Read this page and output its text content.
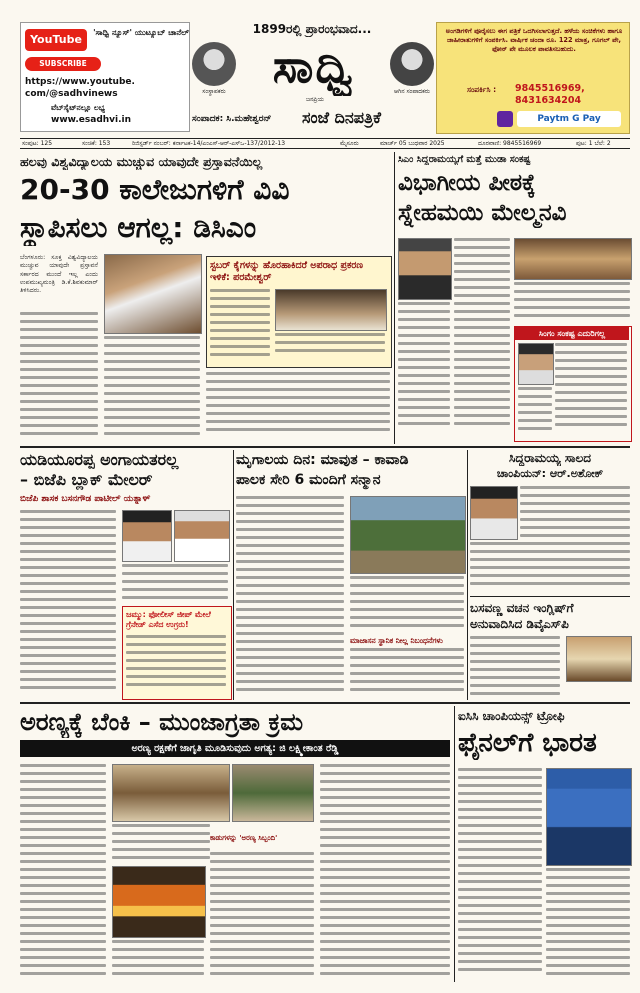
YouTube
'ಸಾಧ್ವಿ ನ್ಯೂಸ್' ಯುಟ್ಯೂಬ್ ಚಾನೆಲ್
SUBSCRIBE
https://www.youtube.
com/@sadhvinews
ವೆಬ್‌ಸೈಟ್‌ನಲ್ಲೂ ಲಭ್ಯ
www.esadhvi.in
1899ರಲ್ಲಿ ಪ್ರಾರಂಭವಾದ...
ಸಂಸ್ಥಾಪಕರು	ಆಗಿನ ಸಂಪಾದಕರು
ಸಾಧ್ವಿ
ಜನಪ್ರಿಯ
ಸಂಪಾದಕ: ಸಿ.ಮಹೇಶ್ವರನ್	ಸಂಜೆ ದಿನಪತ್ರಿಕೆ
ಅಂಗಡಿಗಳಿಗೆ ಪೂರೈಸಲು ಈಗ ಪತ್ರಿಕೆ ಒದಗಿಸಲಾಗುತ್ತದೆ. ಹಳೆಯ ಸಂಚಿಕೆಗಳು ಹಾಗೂ ಜಾಹೀರಾತುಗಳಿಗೆ ಸಂಪರ್ಕಿಸಿ. ವಾರ್ಷಿಕ ಚಂದಾ ರೂ. 122 ಮಾತ್ರ, ಗೂಗಲ್ ಪೇ, ಫೋನ್ ಪೇ ಮೂಲಕ ಪಾವತಿಸಬಹುದು.
ಸಂಪರ್ಕಿಸಿ : 9845516969,
8431634204
Paytm G Pay
ಸಂಪುಟ: 125	ಸಂಚಿಕೆ: 153	ರಿಜಿಸ್ಟರ್ಡ್ ನಂಬರ್: ಕರ್ನಾಟಕ-14/ಎಂಎಸ್-ಆರ್-ಎಸ್‌ಒ-137/2012-13	ಮೈಸೂರು	ಮಾರ್ಚ್ 05 ಬುಧವಾರ 2025	ದೂರವಾಣಿ: 9845516969	ಪುಟ: 1 ಬೆಲೆ: 2
ಹಲವು ವಿಶ್ವವಿದ್ಯಾಲಯ ಮುಚ್ಚುವ ಯಾವುದೇ ಪ್ರಸ್ತಾವನೆಯಿಲ್ಲ
20-30 ಕಾಲೇಜುಗಳಿಗೆ ವಿವಿ
ಸ್ಥಾಪಿಸಲು ಆಗಲ್ಲ: ಡಿಸಿಎಂ
ಬೆಂಗಳೂರು: ಸೂಕ್ತ ವಿಶ್ವವಿದ್ಯಾಲಯ ಮುಚ್ಚುವ ಯಾವುದೇ ಪ್ರಸ್ತಾವನೆ ಸರ್ಕಾರದ ಮುಂದೆ ಇಲ್ಲ ಎಂದು ಉಪಮುಖ್ಯಮಂತ್ರಿ ಡಿ.ಕೆ.ಶಿವಕುಮಾರ್ ತಿಳಿಸಿದರು.
ಸ್ಟಬರ್ ಕೈಗಳನ್ನು ಹೊರಹಾಕಿದರೆ ಅಪರಾಧ ಪ್ರಕರಣ ಇಳಿಕೆ: ಪರಮೇಶ್ವರ್
ಸಿಎಂ ಸಿದ್ದರಾಮಯ್ಯಗೆ ಮತ್ತೆ ಮುಡಾ ಸಂಕಷ್ಟ
ವಿಭಾಗೀಯ ಪೀಠಕ್ಕೆ
ಸ್ನೇಹಮಯಿ ಮೇಲ್ಮನವಿ
ಸಿಂಗಂ ಸಂಕಷ್ಟ ಎದುರಿಗಲ್ಲ
ಯಡಿಯೂರಪ್ಪ ಅಂಗಾಯತರಲ್ಲ
– ಬಿಜೆಪಿ ಬ್ಲಾಕ್ ಮೇಲರ್
ಬಿಜೆಪಿ ಶಾಸಕ ಬಸನಗೌಡ ಪಾಟೀಲ್ ಯತ್ನಾಳ್
ಜಮ್ಮು: ಫೋಲೀಸ್ ಜೀಪ್ ಮೇಲೆ ಗ್ರೆನೇಡ್ ಎಸೆದ ಉಗ್ರರು!
ಮೃಗಾಲಯ ದಿನ: ಮಾವುತ – ಕಾವಾಡಿ
ಪಾಲಕ ಸೇರಿ 6 ಮಂದಿಗೆ ಸನ್ಮಾನ
ಮಾಜಾಸನ ಸ್ಥಾನಿಕ ನೀಲ್ಲ ನಿಬಂಧನೆಗಳು
ಸಿದ್ದರಾಮಯ್ಯ ಸಾಲದ
ಚಾಂಪಿಯನ್: ಆರ್.ಅಶೋಕ್
ಬಸವಣ್ಣ ವಚನ ಇಂಗ್ಲಿಷ್‌ಗೆ
ಅನುವಾದಿಸಿದ ಡಿವೈಎಸ್‌ಪಿ
ಅರಣ್ಯಕ್ಕೆ ಬೆಂಕಿ – ಮುಂಜಾಗ್ರತಾ ಕ್ರಮ
ಅರಣ್ಯ ರಕ್ಷಣೆಗೆ ಜಾಗೃತಿ ಮೂಡಿಸುವುದು ಅಗತ್ಯ: ಜಿ ಲಕ್ಷ್ಮೀಕಾಂತ ರೆಡ್ಡಿ
ಕಾಡುಗಳನ್ನು 'ಅರಣ್ಯ ಸಿಬ್ಬಂದಿ'
ಐಸಿಸಿ ಚಾಂಪಿಯನ್ಸ್ ಟ್ರೋಫಿ
ಫೈನಲ್‌ಗೆ ಭಾರತ
